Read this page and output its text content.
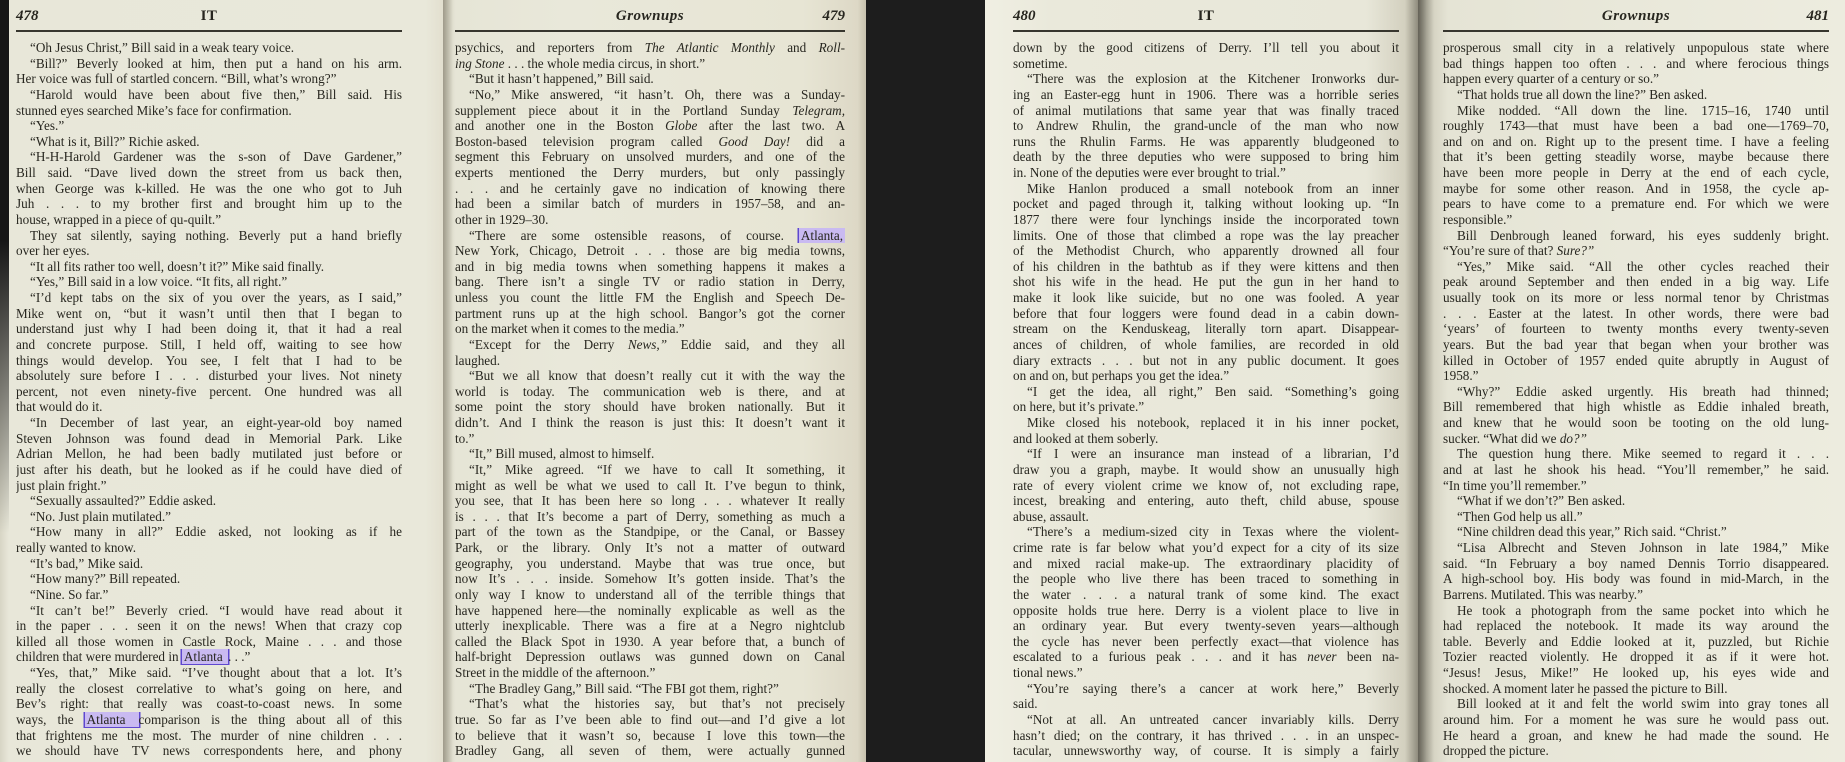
478	IT
“Oh Jesus Christ,” Bill said in a weak teary voice.
“Bill?” Beverly looked at him, then put a hand on his arm.
Her voice was full of startled concern. “Bill, what’s wrong?”
“Harold would have been about five then,” Bill said. His
stunned eyes searched Mike’s face for confirmation.
“Yes.”
“What is it, Bill?” Richie asked.
“H-H-Harold Gardener was the s-son of Dave Gardener,”
Bill said. “Dave lived down the street from us back then,
when George was k-killed. He was the one who got to Juh
Juh . . . to my brother first and brought him up to the
house, wrapped in a piece of qu-quilt.”
They sat silently, saying nothing. Beverly put a hand briefly
over her eyes.
“It all fits rather too well, doesn’t it?” Mike said finally.
“Yes,” Bill said in a low voice. “It fits, all right.”
“I’d kept tabs on the six of you over the years, as I said,”
Mike went on, “but it wasn’t until then that I began to
understand just why I had been doing it, that it had a real
and concrete purpose. Still, I held off, waiting to see how
things would develop. You see, I felt that I had to be
absolutely sure before I . . . disturbed your lives. Not ninety
percent, not even ninety-five percent. One hundred was all
that would do it.
“In December of last year, an eight-year-old boy named
Steven Johnson was found dead in Memorial Park. Like
Adrian Mellon, he had been badly mutilated just before or
just after his death, but he looked as if he could have died of
just plain fright.”
“Sexually assaulted?” Eddie asked.
“No. Just plain mutilated.”
“How many in all?” Eddie asked, not looking as if he
really wanted to know.
“It’s bad,” Mike said.
“How many?” Bill repeated.
“Nine. So far.”
“It can’t be!” Beverly cried. “I would have read about it
in the paper . . . seen it on the news! When that crazy cop
killed all those women in Castle Rock, Maine . . . and those
children that were murdered in Atlanta . . .”
“Yes, that,” Mike said. “I’ve thought about that a lot. It’s
really the closest correlative to what’s going on here, and
Bev’s right: that really was coast-to-coast news. In some
ways, the Atlanta comparison is the thing about all of this
that frightens me the most. The murder of nine children . . .
we should have TV news correspondents here, and phony
Grownups	479
psychics, and reporters from The Atlantic Monthly and Roll-
ing Stone . . . the whole media circus, in short.”
“But it hasn’t happened,” Bill said.
“No,” Mike answered, “it hasn’t. Oh, there was a Sunday-
supplement piece about it in the Portland Sunday Telegram,
and another one in the Boston Globe after the last two. A
Boston-based television program called Good Day! did a
segment this February on unsolved murders, and one of the
experts mentioned the Derry murders, but only passingly
. . . and he certainly gave no indication of knowing there
had been a similar batch of murders in 1957–58, and an-
other in 1929–30.
“There are some ostensible reasons, of course. Atlanta,
New York, Chicago, Detroit . . . those are big media towns,
and in big media towns when something happens it makes a
bang. There isn’t a single TV or radio station in Derry,
unless you count the little FM the English and Speech De-
partment runs up at the high school. Bangor’s got the corner
on the market when it comes to the media.”
“Except for the Derry News,” Eddie said, and they all
laughed.
“But we all know that doesn’t really cut it with the way the
world is today. The communication web is there, and at
some point the story should have broken nationally. But it
didn’t. And I think the reason is just this: It doesn’t want it
to.”
“It,” Bill mused, almost to himself.
“It,” Mike agreed. “If we have to call It something, it
might as well be what we used to call It. I’ve begun to think,
you see, that It has been here so long . . . whatever It really
is . . . that It’s become a part of Derry, something as much a
part of the town as the Standpipe, or the Canal, or Bassey
Park, or the library. Only It’s not a matter of outward
geography, you understand. Maybe that was true once, but
now It’s . . . inside. Somehow It’s gotten inside. That’s the
only way I know to understand all of the terrible things that
have happened here—the nominally explicable as well as the
utterly inexplicable. There was a fire at a Negro nightclub
called the Black Spot in 1930. A year before that, a bunch of
half-bright Depression outlaws was gunned down on Canal
Street in the middle of the afternoon.”
“The Bradley Gang,” Bill said. “The FBI got them, right?”
“That’s what the histories say, but that’s not precisely
true. So far as I’ve been able to find out—and I’d give a lot
to believe that it wasn’t so, because I love this town—the
Bradley Gang, all seven of them, were actually gunned
480	IT
down by the good citizens of Derry. I’ll tell you about it
sometime.
“There was the explosion at the Kitchener Ironworks dur-
ing an Easter-egg hunt in 1906. There was a horrible series
of animal mutilations that same year that was finally traced
to Andrew Rhulin, the grand-uncle of the man who now
runs the Rhulin Farms. He was apparently bludgeoned to
death by the three deputies who were supposed to bring him
in. None of the deputies were ever brought to trial.”
Mike Hanlon produced a small notebook from an inner
pocket and paged through it, talking without looking up. “In
1877 there were four lynchings inside the incorporated town
limits. One of those that climbed a rope was the lay preacher
of the Methodist Church, who apparently drowned all four
of his children in the bathtub as if they were kittens and then
shot his wife in the head. He put the gun in her hand to
make it look like suicide, but no one was fooled. A year
before that four loggers were found dead in a cabin down-
stream on the Kenduskeag, literally torn apart. Disappear-
ances of children, of whole families, are recorded in old
diary extracts . . . but not in any public document. It goes
on and on, but perhaps you get the idea.”
“I get the idea, all right,” Ben said. “Something’s going
on here, but it’s private.”
Mike closed his notebook, replaced it in his inner pocket,
and looked at them soberly.
“If I were an insurance man instead of a librarian, I’d
draw you a graph, maybe. It would show an unusually high
rate of every violent crime we know of, not excluding rape,
incest, breaking and entering, auto theft, child abuse, spouse
abuse, assault.
“There’s a medium-sized city in Texas where the violent-
crime rate is far below what you’d expect for a city of its size
and mixed racial make-up. The extraordinary placidity of
the people who live there has been traced to something in
the water . . . a natural trank of some kind. The exact
opposite holds true here. Derry is a violent place to live in
an ordinary year. But every twenty-seven years—although
the cycle has never been perfectly exact—that violence has
escalated to a furious peak . . . and it has never been na-
tional news.”
“You’re saying there’s a cancer at work here,” Beverly
said.
“Not at all. An untreated cancer invariably kills. Derry
hasn’t died; on the contrary, it has thrived . . . in an unspec-
tacular, unnewsworthy way, of course. It is simply a fairly
Grownups	481
prosperous small city in a relatively unpopulous state where
bad things happen too often . . . and where ferocious things
happen every quarter of a century or so.”
“That holds true all down the line?” Ben asked.
Mike nodded. “All down the line. 1715–16, 1740 until
roughly 1743—that must have been a bad one—1769–70,
and on and on. Right up to the present time. I have a feeling
that it’s been getting steadily worse, maybe because there
have been more people in Derry at the end of each cycle,
maybe for some other reason. And in 1958, the cycle ap-
pears to have come to a premature end. For which we were
responsible.”
Bill Denbrough leaned forward, his eyes suddenly bright.
“You’re sure of that? Sure?”
“Yes,” Mike said. “All the other cycles reached their
peak around September and then ended in a big way. Life
usually took on its more or less normal tenor by Christmas
. . . Easter at the latest. In other words, there were bad
‘years’ of fourteen to twenty months every twenty-seven
years. But the bad year that began when your brother was
killed in October of 1957 ended quite abruptly in August of
1958.”
“Why?” Eddie asked urgently. His breath had thinned;
Bill remembered that high whistle as Eddie inhaled breath,
and knew that he would soon be tooting on the old lung-
sucker. “What did we do?”
The question hung there. Mike seemed to regard it . . .
and at last he shook his head. “You’ll remember,” he said.
“In time you’ll remember.”
“What if we don’t?” Ben asked.
“Then God help us all.”
“Nine children dead this year,” Rich said. “Christ.”
“Lisa Albrecht and Steven Johnson in late 1984,” Mike
said. “In February a boy named Dennis Torrio disappeared.
A high-school boy. His body was found in mid-March, in the
Barrens. Mutilated. This was nearby.”
He took a photograph from the same pocket into which he
had replaced the notebook. It made its way around the
table. Beverly and Eddie looked at it, puzzled, but Richie
Tozier reacted violently. He dropped it as if it were hot.
“Jesus! Jesus, Mike!” He looked up, his eyes wide and
shocked. A moment later he passed the picture to Bill.
Bill looked at it and felt the world swim into gray tones all
around him. For a moment he was sure he would pass out.
He heard a groan, and knew he had made the sound. He
dropped the picture.
